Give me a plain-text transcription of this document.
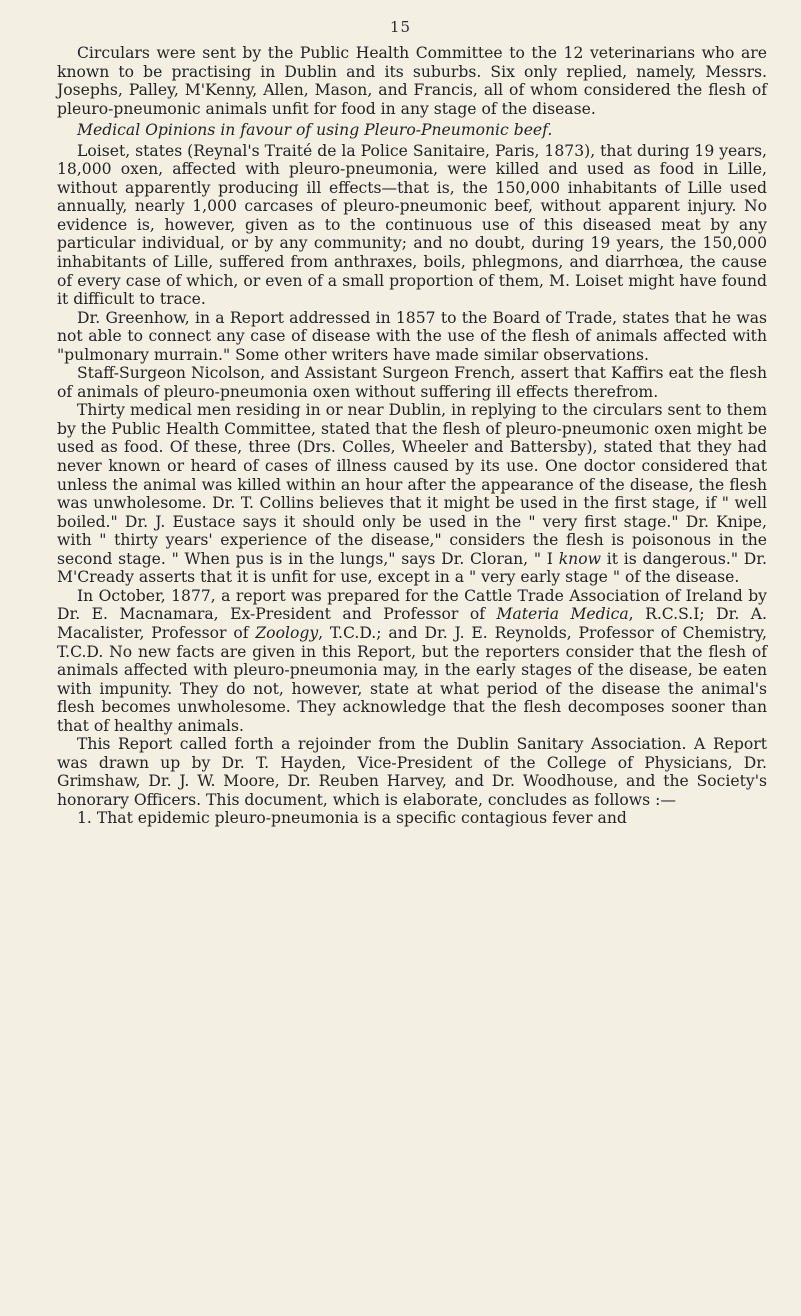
15

Circulars were sent by the Public Health Committee to the 12 veterinarians who are known to be practising in Dublin and its suburbs. Six only replied, namely, Messrs. Josephs, Palley, M'Kenny, Allen, Mason, and Francis, all of whom considered the flesh of pleuro-pneumonic animals unfit for food in any stage of the disease.

Medical Opinions in favour of using Pleuro-Pneumonic beef.

Loiset, states (Reynal's Traité de la Police Sanitaire, Paris, 1873), that during 19 years, 18,000 oxen, affected with pleuro-pneumonia, were killed and used as food in Lille, without apparently producing ill effects—that is, the 150,000 inhabitants of Lille used annually, nearly 1,000 carcases of pleuro-pneumonic beef, without apparent injury. No evidence is, however, given as to the continuous use of this diseased meat by any particular individual, or by any community; and no doubt, during 19 years, the 150,000 inhabitants of Lille, suffered from anthraxes, boils, phlegmons, and diarrhœa, the cause of every case of which, or even of a small proportion of them, M. Loiset might have found it difficult to trace.

Dr. Greenhow, in a Report addressed in 1857 to the Board of Trade, states that he was not able to connect any case of disease with the use of the flesh of animals affected with "pulmonary murrain." Some other writers have made similar observations.

Staff-Surgeon Nicolson, and Assistant Surgeon French, assert that Kaffirs eat the flesh of animals of pleuro-pneumonia oxen without suffering ill effects therefrom.

Thirty medical men residing in or near Dublin, in replying to the circulars sent to them by the Public Health Committee, stated that the flesh of pleuro-pneumonic oxen might be used as food. Of these, three (Drs. Colles, Wheeler and Battersby), stated that they had never known or heard of cases of illness caused by its use. One doctor considered that unless the animal was killed within an hour after the appearance of the disease, the flesh was unwholesome. Dr. T. Collins believes that it might be used in the first stage, if " well boiled." Dr. J. Eustace says it should only be used in the " very first stage." Dr. Knipe, with " thirty years' experience of the disease," considers the flesh is poisonous in the second stage. " When pus is in the lungs," says Dr. Cloran, " I know it is dangerous." Dr. M'Cready asserts that it is unfit for use, except in a " very early stage " of the disease.

In October, 1877, a report was prepared for the Cattle Trade Association of Ireland by Dr. E. Macnamara, Ex-President and Professor of Materia Medica, R.C.S.I; Dr. A. Macalister, Professor of Zoology, T.C.D.; and Dr. J. E. Reynolds, Professor of Chemistry, T.C.D. No new facts are given in this Report, but the reporters consider that the flesh of animals affected with pleuro-pneumonia may, in the early stages of the disease, be eaten with impunity. They do not, however, state at what period of the disease the animal's flesh becomes unwholesome. They acknowledge that the flesh decomposes sooner than that of healthy animals.

This Report called forth a rejoinder from the Dublin Sanitary Association. A Report was drawn up by Dr. T. Hayden, Vice-President of the College of Physicians, Dr. Grimshaw, Dr. J. W. Moore, Dr. Reuben Harvey, and Dr. Woodhouse, and the Society's honorary Officers. This document, which is elaborate, concludes as follows :—

1. That epidemic pleuro-pneumonia is a specific contagious fever and
